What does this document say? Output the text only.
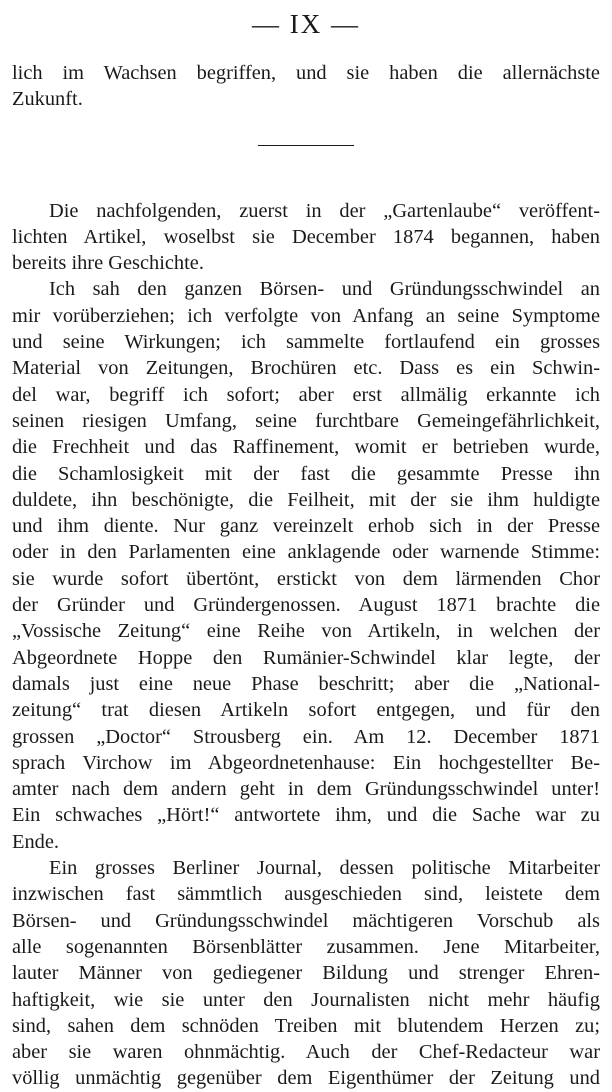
— IX —
lich im Wachsen begriffen, und sie haben die allernächste
Zukunft.
Die nachfolgenden, zuerst in der „Gartenlaube“ veröffent-
lichten Artikel, woselbst sie December 1874 begannen, haben
bereits ihre Geschichte.
Ich sah den ganzen Börsen- und Gründungsschwindel an
mir vorüberziehen; ich verfolgte von Anfang an seine Symptome
und seine Wirkungen; ich sammelte fortlaufend ein grosses
Material von Zeitungen, Brochüren etc. Dass es ein Schwin-
del war, begriff ich sofort; aber erst allmälig erkannte ich
seinen riesigen Umfang, seine furchtbare Gemeingefährlichkeit,
die Frechheit und das Raffinement, womit er betrieben wurde,
die Schamlosigkeit mit der fast die gesammte Presse ihn
duldete, ihn beschönigte, die Feilheit, mit der sie ihm huldigte
und ihm diente. Nur ganz vereinzelt erhob sich in der Presse
oder in den Parlamenten eine anklagende oder warnende Stimme:
sie wurde sofort übertönt, erstickt von dem lärmenden Chor
der Gründer und Gründergenossen. August 1871 brachte die
„Vossische Zeitung“ eine Reihe von Artikeln, in welchen der
Abgeordnete Hoppe den Rumänier-Schwindel klar legte, der
damals just eine neue Phase beschritt; aber die „National-
zeitung“ trat diesen Artikeln sofort entgegen, und für den
grossen „Doctor“ Strousberg ein. Am 12. December 1871
sprach Virchow im Abgeordnetenhause: Ein hochgestellter Be-
amter nach dem andern geht in dem Gründungsschwindel unter!
Ein schwaches „Hört!“ antwortete ihm, und die Sache war zu
Ende.
Ein grosses Berliner Journal, dessen politische Mitarbeiter
inzwischen fast sämmtlich ausgeschieden sind, leistete dem
Börsen- und Gründungsschwindel mächtigeren Vorschub als
alle sogenannten Börsenblätter zusammen. Jene Mitarbeiter,
lauter Männer von gediegener Bildung und strenger Ehren-
haftigkeit, wie sie unter den Journalisten nicht mehr häufig
sind, sahen dem schnöden Treiben mit blutendem Herzen zu;
aber sie waren ohnmächtig. Auch der Chef-Redacteur war
völlig unmächtig gegenüber dem Eigenthümer der Zeitung und
